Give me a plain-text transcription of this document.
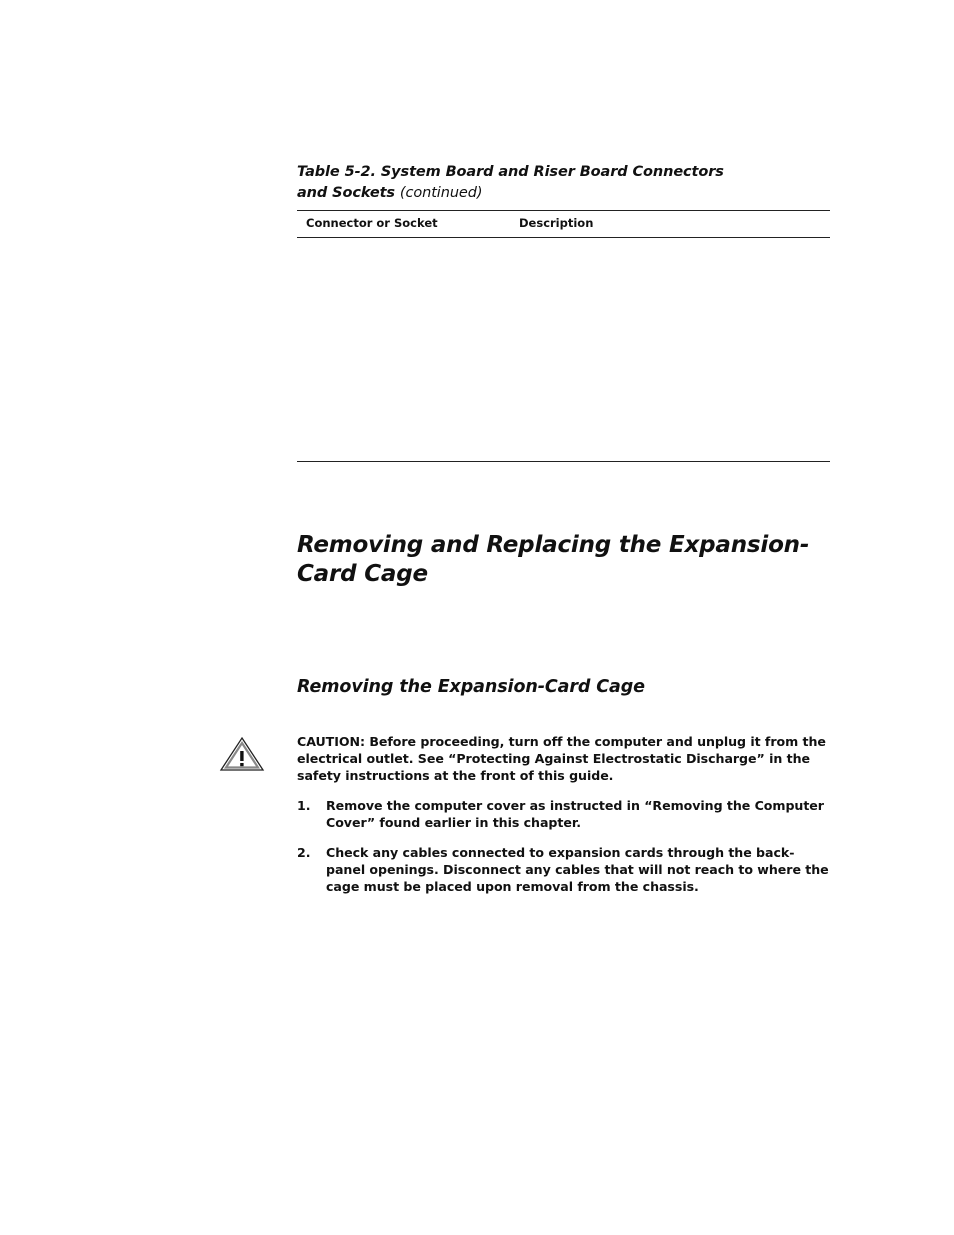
Table 5-2. System Board and Riser Board Connectors
and Sockets (continued)
Connector or Socket	Description
Removing and Replacing the Expansion-
Card Cage
Removing the Expansion-Card Cage
CAUTION: Before proceeding, turn off the computer and unplug it from the
electrical outlet. See “Protecting Against Electrostatic Discharge” in the
safety instructions at the front of this guide.
1. Remove the computer cover as instructed in “Removing the Computer
Cover” found earlier in this chapter.
2. Check any cables connected to expansion cards through the back-
panel openings. Disconnect any cables that will not reach to where the
cage must be placed upon removal from the chassis.
